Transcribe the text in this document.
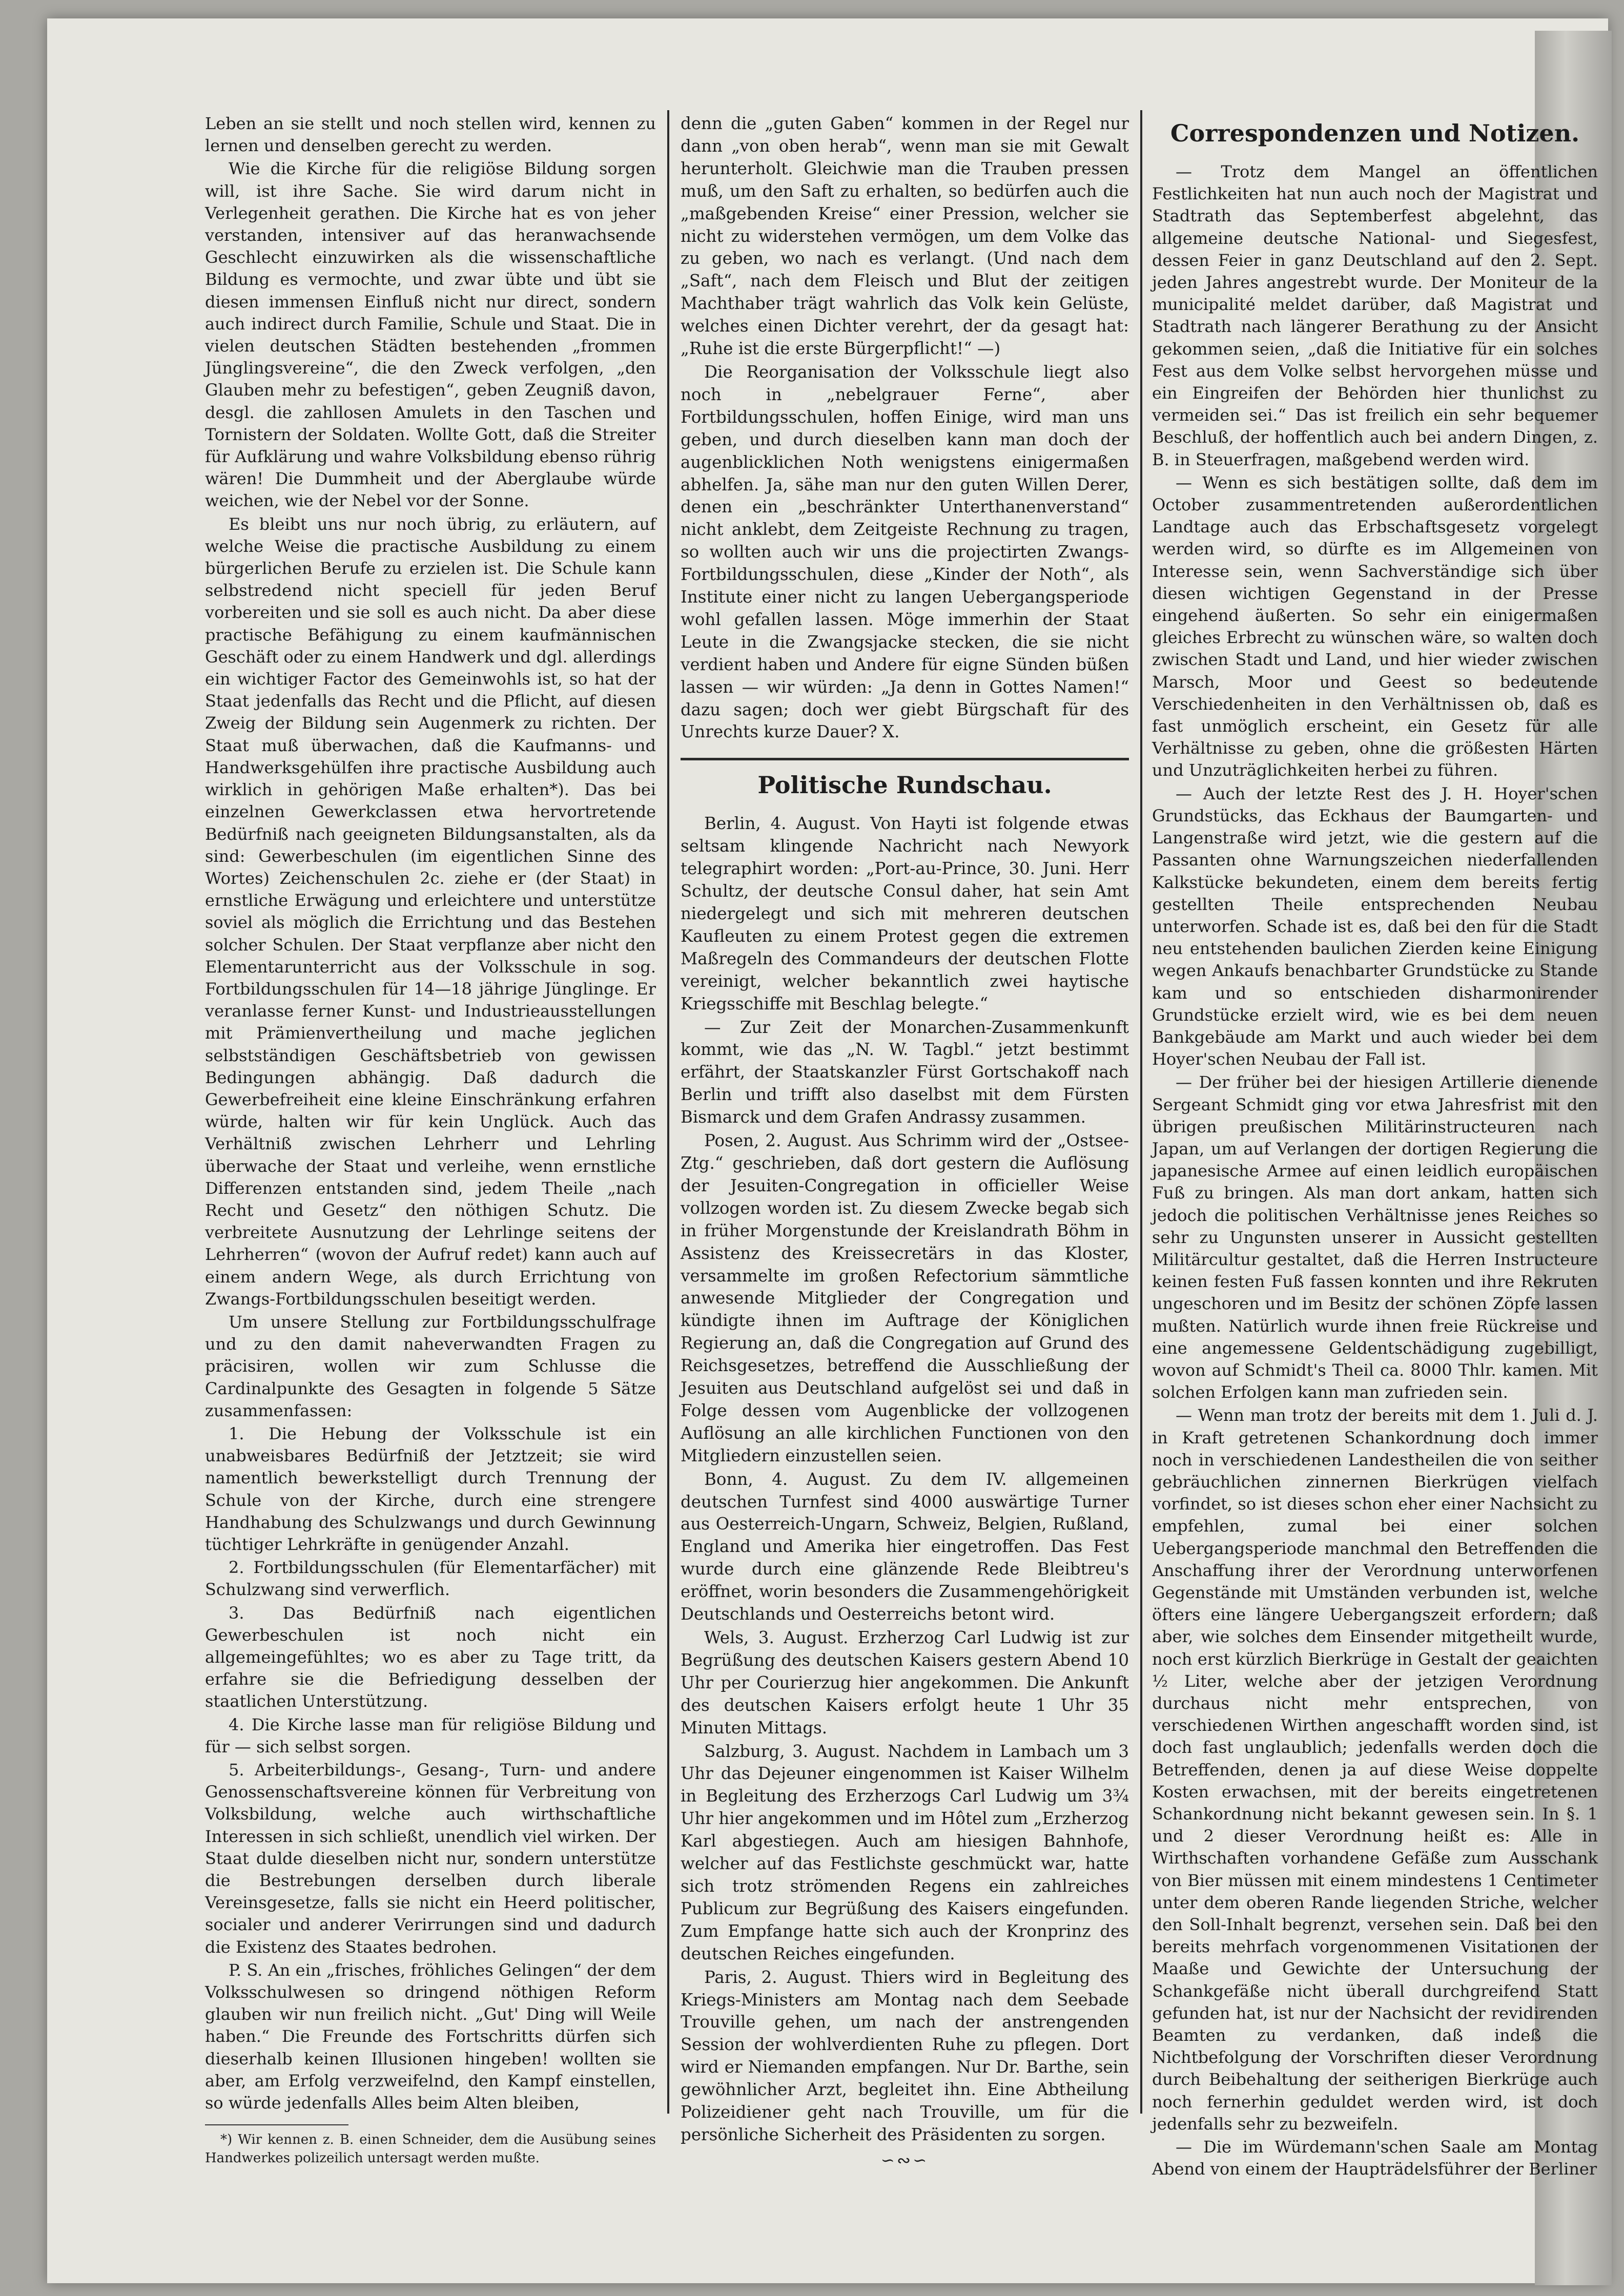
Leben an sie stellt und noch stellen wird, kennen zu lernen und denselben gerecht zu werden.

Wie die Kirche für die religiöse Bildung sorgen will, ist ihre Sache. Sie wird darum nicht in Verlegenheit gerathen. Die Kirche hat es von jeher verstanden, intensiver auf das heranwachsende Geschlecht einzuwirken als die wissenschaftliche Bildung es vermochte, und zwar übte und übt sie diesen immensen Einfluß nicht nur direct, sondern auch indirect durch Familie, Schule und Staat. Die in vielen deutschen Städten bestehenden „frommen Jünglingsvereine“, die den Zweck verfolgen, „den Glauben mehr zu befestigen“, geben Zeugniß davon, desgl. die zahllosen Amulets in den Taschen und Tornistern der Soldaten. Wollte Gott, daß die Streiter für Aufklärung und wahre Volksbildung ebenso rührig wären! Die Dummheit und der Aberglaube würde weichen, wie der Nebel vor der Sonne.

Es bleibt uns nur noch übrig, zu erläutern, auf welche Weise die practische Ausbildung zu einem bürgerlichen Berufe zu erzielen ist. Die Schule kann selbstredend nicht speciell für jeden Beruf vorbereiten und sie soll es auch nicht. Da aber diese practische Befähigung zu einem kaufmännischen Geschäft oder zu einem Handwerk und dgl. allerdings ein wichtiger Factor des Gemeinwohls ist, so hat der Staat jedenfalls das Recht und die Pflicht, auf diesen Zweig der Bildung sein Augenmerk zu richten. Der Staat muß überwachen, daß die Kaufmanns- und Handwerksgehülfen ihre practische Ausbildung auch wirklich in gehörigen Maße erhalten*). Das bei einzelnen Gewerkclassen etwa hervortretende Bedürfniß nach geeigneten Bildungsanstalten, als da sind: Gewerbeschulen (im eigentlichen Sinne des Wortes) Zeichenschulen 2c. ziehe er (der Staat) in ernstliche Erwägung und erleichtere und unterstütze soviel als möglich die Errichtung und das Bestehen solcher Schulen. Der Staat verpflanze aber nicht den Elementarunterricht aus der Volksschule in sog. Fortbildungsschulen für 14—18 jährige Jünglinge. Er veranlasse ferner Kunst- und Industrieausstellungen mit Prämienvertheilung und mache jeglichen selbstständigen Geschäftsbetrieb von gewissen Bedingungen abhängig. Daß dadurch die Gewerbefreiheit eine kleine Einschränkung erfahren würde, halten wir für kein Unglück. Auch das Verhältniß zwischen Lehrherr und Lehrling überwache der Staat und verleihe, wenn ernstliche Differenzen entstanden sind, jedem Theile „nach Recht und Gesetz“ den nöthigen Schutz. Die verbreitete Ausnutzung der Lehrlinge seitens der Lehrherren“ (wovon der Aufruf redet) kann auch auf einem andern Wege, als durch Errichtung von Zwangs-Fortbildungsschulen beseitigt werden.

Um unsere Stellung zur Fortbildungsschulfrage und zu den damit naheverwandten Fragen zu präcisiren, wollen wir zum Schlusse die Cardinalpunkte des Gesagten in folgende 5 Sätze zusammenfassen:

1. Die Hebung der Volksschule ist ein unabweisbares Bedürfniß der Jetztzeit; sie wird namentlich bewerkstelligt durch Trennung der Schule von der Kirche, durch eine strengere Handhabung des Schulzwangs und durch Gewinnung tüchtiger Lehrkräfte in genügender Anzahl.

2. Fortbildungsschulen (für Elementarfächer) mit Schulzwang sind verwerflich.

3. Das Bedürfniß nach eigentlichen Gewerbeschulen ist noch nicht ein allgemeingefühltes; wo es aber zu Tage tritt, da erfahre sie die Befriedigung desselben der staatlichen Unterstützung.

4. Die Kirche lasse man für religiöse Bildung und für — sich selbst sorgen.

5. Arbeiterbildungs-, Gesang-, Turn- und andere Genossenschaftsvereine können für Verbreitung von Volksbildung, welche auch wirthschaftliche Interessen in sich schließt, unendlich viel wirken. Der Staat dulde dieselben nicht nur, sondern unterstütze die Bestrebungen derselben durch liberale Vereinsgesetze, falls sie nicht ein Heerd politischer, socialer und anderer Verirrungen sind und dadurch die Existenz des Staates bedrohen.

P. S. An ein „frisches, fröhliches Gelingen“ der dem Volksschulwesen so dringend nöthigen Reform glauben wir nun freilich nicht. „Gut' Ding will Weile haben.“ Die Freunde des Fortschritts dürfen sich dieserhalb keinen Illusionen hingeben! wollten sie aber, am Erfolg verzweifelnd, den Kampf einstellen, so würde jedenfalls Alles beim Alten bleiben,

*) Wir kennen z. B. einen Schneider, dem die Ausübung seines Handwerkes polizeilich untersagt werden mußte.

denn die „guten Gaben“ kommen in der Regel nur dann „von oben herab“, wenn man sie mit Gewalt herunterholt. Gleichwie man die Trauben pressen muß, um den Saft zu erhalten, so bedürfen auch die „maßgebenden Kreise“ einer Pression, welcher sie nicht zu widerstehen vermögen, um dem Volke das zu geben, wo nach es verlangt. (Und nach dem „Saft“, nach dem Fleisch und Blut der zeitigen Machthaber trägt wahrlich das Volk kein Gelüste, welches einen Dichter verehrt, der da gesagt hat: „Ruhe ist die erste Bürgerpflicht!“ —)

Die Reorganisation der Volksschule liegt also noch in „nebelgrauer Ferne“, aber Fortbildungsschulen, hoffen Einige, wird man uns geben, und durch dieselben kann man doch der augenblicklichen Noth wenigstens einigermaßen abhelfen. Ja, sähe man nur den guten Willen Derer, denen ein „beschränkter Unterthanenverstand“ nicht anklebt, dem Zeitgeiste Rechnung zu tragen, so wollten auch wir uns die projectirten Zwangs-Fortbildungsschulen, diese „Kinder der Noth“, als Institute einer nicht zu langen Uebergangsperiode wohl gefallen lassen. Möge immerhin der Staat Leute in die Zwangsjacke stecken, die sie nicht verdient haben und Andere für eigne Sünden büßen lassen — wir würden: „Ja denn in Gottes Namen!“ dazu sagen; doch wer giebt Bürgschaft für des Unrechts kurze Dauer? X.

Politische Rundschau.

Berlin, 4. August. Von Hayti ist folgende etwas seltsam klingende Nachricht nach Newyork telegraphirt worden: „Port-au-Prince, 30. Juni. Herr Schultz, der deutsche Consul daher, hat sein Amt niedergelegt und sich mit mehreren deutschen Kaufleuten zu einem Protest gegen die extremen Maßregeln des Commandeurs der deutschen Flotte vereinigt, welcher bekanntlich zwei haytische Kriegsschiffe mit Beschlag belegte.“

— Zur Zeit der Monarchen-Zusammenkunft kommt, wie das „N. W. Tagbl.“ jetzt bestimmt erfährt, der Staatskanzler Fürst Gortschakoff nach Berlin und trifft also daselbst mit dem Fürsten Bismarck und dem Grafen Andrassy zusammen.

Posen, 2. August. Aus Schrimm wird der „Ostsee-Ztg.“ geschrieben, daß dort gestern die Auflösung der Jesuiten-Congregation in officieller Weise vollzogen worden ist. Zu diesem Zwecke begab sich in früher Morgenstunde der Kreislandrath Böhm in Assistenz des Kreissecretärs in das Kloster, versammelte im großen Refectorium sämmtliche anwesende Mitglieder der Congregation und kündigte ihnen im Auftrage der Königlichen Regierung an, daß die Congregation auf Grund des Reichsgesetzes, betreffend die Ausschließung der Jesuiten aus Deutschland aufgelöst sei und daß in Folge dessen vom Augenblicke der vollzogenen Auflösung an alle kirchlichen Functionen von den Mitgliedern einzustellen seien.

Bonn, 4. August. Zu dem IV. allgemeinen deutschen Turnfest sind 4000 auswärtige Turner aus Oesterreich-Ungarn, Schweiz, Belgien, Rußland, England und Amerika hier eingetroffen. Das Fest wurde durch eine glänzende Rede Bleibtreu's eröffnet, worin besonders die Zusammengehörigkeit Deutschlands und Oesterreichs betont wird.

Wels, 3. August. Erzherzog Carl Ludwig ist zur Begrüßung des deutschen Kaisers gestern Abend 10 Uhr per Courierzug hier angekommen. Die Ankunft des deutschen Kaisers erfolgt heute 1 Uhr 35 Minuten Mittags.

Salzburg, 3. August. Nachdem in Lambach um 3 Uhr das Dejeuner eingenommen ist Kaiser Wilhelm in Begleitung des Erzherzogs Carl Ludwig um 3¾ Uhr hier angekommen und im Hôtel zum „Erzherzog Karl abgestiegen. Auch am hiesigen Bahnhofe, welcher auf das Festlichste geschmückt war, hatte sich trotz strömenden Regens ein zahlreiches Publicum zur Begrüßung des Kaisers eingefunden. Zum Empfange hatte sich auch der Kronprinz des deutschen Reiches eingefunden.

Paris, 2. August. Thiers wird in Begleitung des Kriegs-Ministers am Montag nach dem Seebade Trouville gehen, um nach der anstrengenden Session der wohlverdienten Ruhe zu pflegen. Dort wird er Niemanden empfangen. Nur Dr. Barthe, sein gewöhnlicher Arzt, begleitet ihn. Eine Abtheilung Polizeidiener geht nach Trouville, um für die persönliche Sicherheit des Präsidenten zu sorgen.

∽∾∽
Correspondenzen und Notizen.

— Trotz dem Mangel an öffentlichen Festlichkeiten hat nun auch noch der Magistrat und Stadtrath das Septemberfest abgelehnt, das allgemeine deutsche National- und Siegesfest, dessen Feier in ganz Deutschland auf den 2. Sept. jeden Jahres angestrebt wurde. Der Moniteur de la municipalité meldet darüber, daß Magistrat und Stadtrath nach längerer Berathung zu der Ansicht gekommen seien, „daß die Initiative für ein solches Fest aus dem Volke selbst hervorgehen müsse und ein Eingreifen der Behörden hier thunlichst zu vermeiden sei.“ Das ist freilich ein sehr bequemer Beschluß, der hoffentlich auch bei andern Dingen, z. B. in Steuerfragen, maßgebend werden wird.

— Wenn es sich bestätigen sollte, daß dem im October zusammentretenden außerordentlichen Landtage auch das Erbschaftsgesetz vorgelegt werden wird, so dürfte es im Allgemeinen von Interesse sein, wenn Sachverständige sich über diesen wichtigen Gegenstand in der Presse eingehend äußerten. So sehr ein einigermaßen gleiches Erbrecht zu wünschen wäre, so walten doch zwischen Stadt und Land, und hier wieder zwischen Marsch, Moor und Geest so bedeutende Verschiedenheiten in den Verhältnissen ob, daß es fast unmöglich erscheint, ein Gesetz für alle Verhältnisse zu geben, ohne die größesten Härten und Unzuträglichkeiten herbei zu führen.

— Auch der letzte Rest des J. H. Hoyer'schen Grundstücks, das Eckhaus der Baumgarten- und Langenstraße wird jetzt, wie die gestern auf die Passanten ohne Warnungszeichen niederfallenden Kalkstücke bekundeten, einem dem bereits fertig gestellten Theile entsprechenden Neubau unterworfen. Schade ist es, daß bei den für die Stadt neu entstehenden baulichen Zierden keine Einigung wegen Ankaufs benachbarter Grundstücke zu Stande kam und so entschieden disharmonirender Grundstücke erzielt wird, wie es bei dem neuen Bankgebäude am Markt und auch wieder bei dem Hoyer'schen Neubau der Fall ist.

— Der früher bei der hiesigen Artillerie dienende Sergeant Schmidt ging vor etwa Jahresfrist mit den übrigen preußischen Militärinstructeuren nach Japan, um auf Verlangen der dortigen Regierung die japanesische Armee auf einen leidlich europäischen Fuß zu bringen. Als man dort ankam, hatten sich jedoch die politischen Verhältnisse jenes Reiches so sehr zu Ungunsten unserer in Aussicht gestellten Militärcultur gestaltet, daß die Herren Instructeure keinen festen Fuß fassen konnten und ihre Rekruten ungeschoren und im Besitz der schönen Zöpfe lassen mußten. Natürlich wurde ihnen freie Rückreise und eine angemessene Geldentschädigung zugebilligt, wovon auf Schmidt's Theil ca. 8000 Thlr. kamen. Mit solchen Erfolgen kann man zufrieden sein.

— Wenn man trotz der bereits mit dem 1. Juli d. J. in Kraft getretenen Schankordnung doch immer noch in verschiedenen Landestheilen die von seither gebräuchlichen zinnernen Bierkrügen vielfach vorfindet, so ist dieses schon eher einer Nachsicht zu empfehlen, zumal bei einer solchen Uebergangsperiode manchmal den Betreffenden die Anschaffung ihrer der Verordnung unterworfenen Gegenstände mit Umständen verbunden ist, welche öfters eine längere Uebergangszeit erfordern; daß aber, wie solches dem Einsender mitgetheilt wurde, noch erst kürzlich Bierkrüge in Gestalt der geaichten ½ Liter, welche aber der jetzigen Verordnung durchaus nicht mehr entsprechen, von verschiedenen Wirthen angeschafft worden sind, ist doch fast unglaublich; jedenfalls werden doch die Betreffenden, denen ja auf diese Weise doppelte Kosten erwachsen, mit der bereits eingetretenen Schankordnung nicht bekannt gewesen sein. In §. 1 und 2 dieser Verordnung heißt es: Alle in Wirthschaften vorhandene Gefäße zum Ausschank von Bier müssen mit einem mindestens 1 Centimeter unter dem oberen Rande liegenden Striche, welcher den Soll-Inhalt begrenzt, versehen sein. Daß bei den bereits mehrfach vorgenommenen Visitationen der Maaße und Gewichte der Untersuchung der Schankgefäße nicht überall durchgreifend Statt gefunden hat, ist nur der Nachsicht der revidirenden Beamten zu verdanken, daß indeß die Nichtbefolgung der Vorschriften dieser Verordnung durch Beibehaltung der seitherigen Bierkrüge auch noch fernerhin geduldet werden wird, ist doch jedenfalls sehr zu bezweifeln.

— Die im Würdemann'schen Saale am Montag Abend von einem der Haupträdelsführer der Berliner
